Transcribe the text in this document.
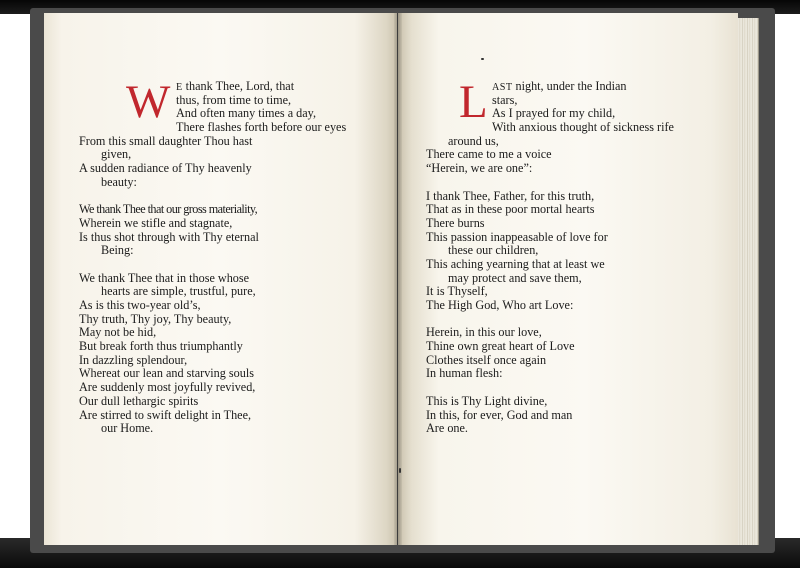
W E thank Thee, Lord, that
thus, from time to time,
And often many times a day,
There flashes forth before our eyes
From this small daughter Thou hast
given,
A sudden radiance of Thy heavenly
beauty:
We thank Thee that our gross materiality,
Wherein we stifle and stagnate,
Is thus shot through with Thy eternal
Being:
We thank Thee that in those whose
hearts are simple, trustful, pure,
As is this two-year old’s,
Thy truth, Thy joy, Thy beauty,
May not be hid,
But break forth thus triumphantly
In dazzling splendour,
Whereat our lean and starving souls
Are suddenly most joyfully revived,
Our dull lethargic spirits
Are stirred to swift delight in Thee,
our Home.
L AST night, under the Indian
stars,
As I prayed for my child,
With anxious thought of sickness rife
around us,
There came to me a voice
“Herein, we are one”:
I thank Thee, Father, for this truth,
That as in these poor mortal hearts
There burns
This passion inappeasable of love for
these our children,
This aching yearning that at least we
may protect and save them,
It is Thyself,
The High God, Who art Love:
Herein, in this our love,
Thine own great heart of Love
Clothes itself once again
In human flesh:
This is Thy Light divine,
In this, for ever, God and man
Are one.
